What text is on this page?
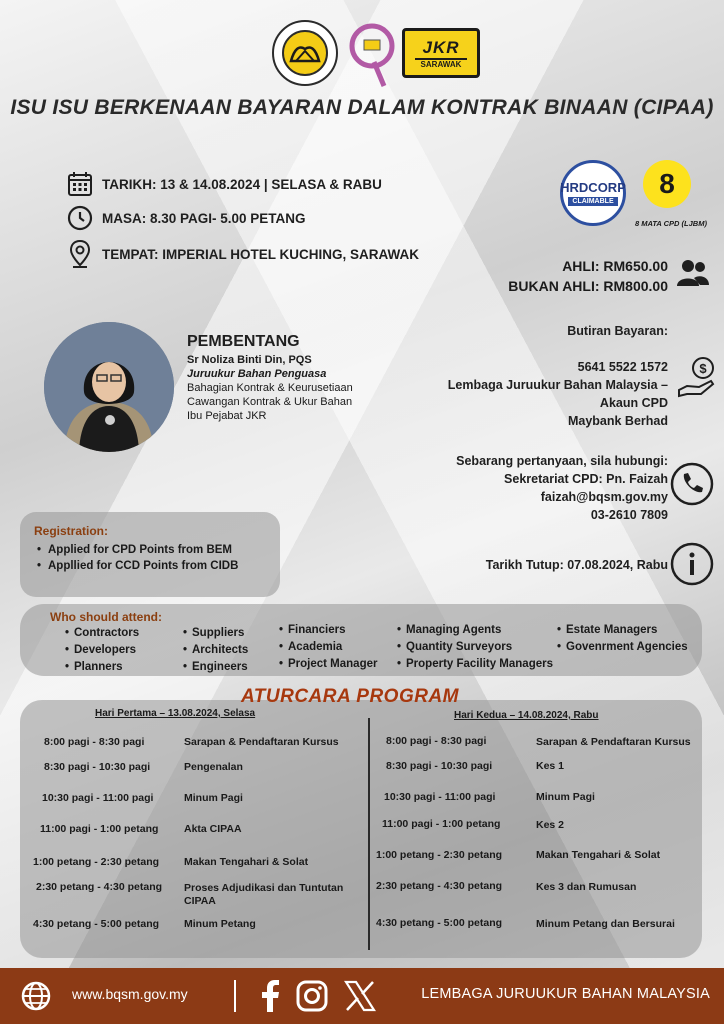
JKR
SARAWAK
ISU ISU BERKENAAN BAYARAN DALAM KONTRAK BINAAN (CIPAA)
TARIKH: 13 & 14.08.2024 | SELASA & RABU
MASA: 8.30 PAGI- 5.00 PETANG
TEMPAT: IMPERIAL HOTEL KUCHING, SARAWAK
HRDCORP
CLAIMABLE
8
8 MATA CPD (LJBM)
AHLI: RM650.00
BUKAN AHLI: RM800.00
Butiran Bayaran:
5641 5522 1572
Lembaga Juruukur Bahan Malaysia –
Akaun CPD
Maybank Berhad
$
Sebarang pertanyaan, sila hubungi:
Sekretariat CPD: Pn. Faizah
faizah@bqsm.gov.my
03-2610 7809
Tarikh Tutup: 07.08.2024, Rabu
PEMBENTANG
Sr Noliza Binti Din, PQS
Juruukur Bahan Penguasa
Bahagian Kontrak & Keurusetiaan
Cawangan Kontrak & Ukur Bahan
Ibu Pejabat JKR
Registration:
• Applied for CPD Points from BEM
• Appllied for CCD Points from CIDB
Who should attend:
• Contractors
• Developers
• Planners
• Suppliers
• Architects
• Engineers
• Financiers
• Academia
• Project Manager
• Managing Agents
• Quantity Surveyors
• Property Facility Managers
• Estate Managers
• Govenrment Agencies
ATURCARA PROGRAM
Hari Pertama – 13.08.2024, Selasa	Hari Kedua – 14.08.2024, Rabu
8:00 pagi - 8:30 pagi	Sarapan & Pendaftaran Kursus
8:30 pagi - 10:30 pagi	Pengenalan
10:30 pagi - 11:00 pagi	Minum Pagi
11:00 pagi - 1:00 petang Akta CIPAA
1:00 petang - 2:30 petang Makan Tengahari & Solat
2:30 petang - 4:30 petang Proses Adjudikasi dan Tuntutan CIPAA
4:30 petang - 5:00 petang Minum Petang
8:00 pagi - 8:30 pagi	Sarapan & Pendaftaran Kursus
8:30 pagi - 10:30 pagi	Kes 1
10:30 pagi - 11:00 pagi	Minum Pagi
11:00 pagi - 1:00 petang	Kes 2
1:00 petang - 2:30 petang	Makan Tengahari & Solat
2:30 petang - 4:30 petang	Kes 3 dan Rumusan
4:30 petang - 5:00 petang	Minum Petang dan Bersurai
www.bqsm.gov.my	LEMBAGA JURUUKUR BAHAN MALAYSIA
